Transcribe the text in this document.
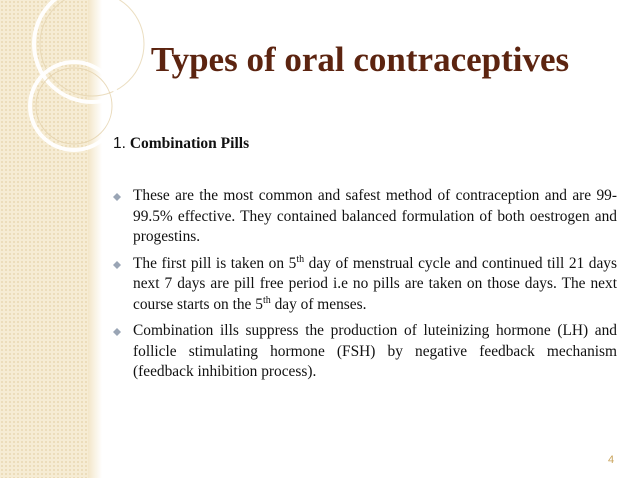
Types of oral contraceptives
1. Combination Pills
These are the most common and safest method of contraception and are 99-99.5% effective. They contained balanced formulation of both oestrogen and progestins.
The first pill is taken on 5th day of menstrual cycle and continued till 21 days next 7 days are pill free period i.e no pills are taken on those days. The next course starts on the 5th day of menses.
Combination ills suppress the production of luteinizing hormone (LH) and follicle stimulating hormone (FSH) by negative feedback mechanism (feedback inhibition process).
4
